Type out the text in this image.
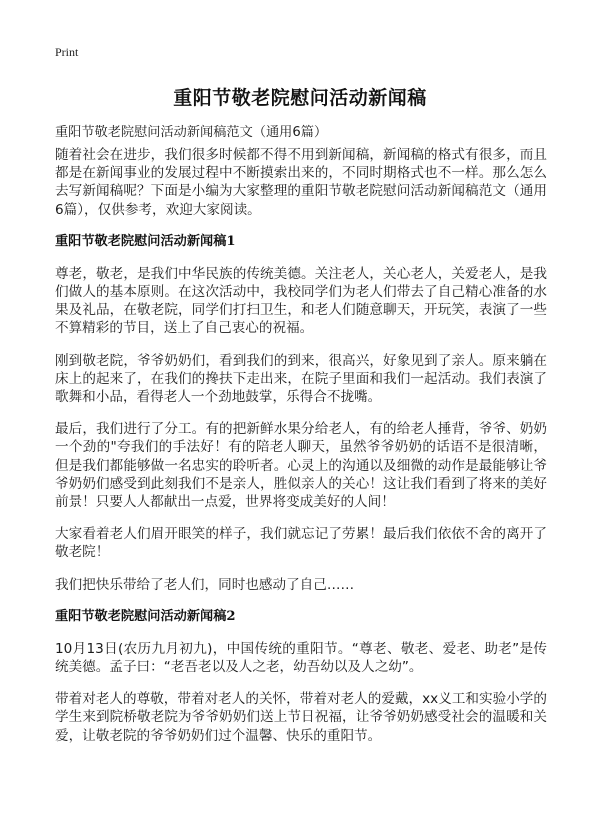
Print
重阳节敬老院慰问活动新闻稿

重阳节敬老院慰问活动新闻稿范文（通用6篇）

随着社会在进步，我们很多时候都不得不用到新闻稿，新闻稿的格式有很多，而且都是在新闻事业的发展过程中不断摸索出来的，不同时期格式也不一样。那么怎么去写新闻稿呢？下面是小编为大家整理的重阳节敬老院慰问活动新闻稿范文（通用6篇），仅供参考，欢迎大家阅读。

重阳节敬老院慰问活动新闻稿1

尊老，敬老，是我们中华民族的传统美德。关注老人，关心老人，关爱老人，是我们做人的基本原则。在这次活动中，我校同学们为老人们带去了自己精心准备的水果及礼品，在敬老院，同学们打扫卫生，和老人们随意聊天，开玩笑，表演了一些不算精彩的节目，送上了自己衷心的祝福。

刚到敬老院，爷爷奶奶们，看到我们的到来，很高兴，好象见到了亲人。原来躺在床上的起来了，在我们的搀扶下走出来，在院子里面和我们一起活动。我们表演了歌舞和小品，看得老人一个劲地鼓掌，乐得合不拢嘴。

最后，我们进行了分工。有的把新鲜水果分给老人，有的给老人捶背，爷爷、奶奶一个劲的"夸我们的手法好！有的陪老人聊天，虽然爷爷奶奶的话语不是很清晰，但是我们都能够做一名忠实的聆听者。心灵上的沟通以及细微的动作是最能够让爷爷奶奶们感受到此刻我们不是亲人，胜似亲人的关心！这让我们看到了将来的美好前景！只要人人都献出一点爱，世界将变成美好的人间！

大家看着老人们眉开眼笑的样子，我们就忘记了劳累！最后我们依依不舍的离开了敬老院！

我们把快乐带给了老人们，同时也感动了自己……

重阳节敬老院慰问活动新闻稿2

10月13日(农历九月初九)，中国传统的重阳节。“尊老、敬老、爱老、助老”是传统美德。孟子曰：“老吾老以及人之老，幼吾幼以及人之幼”。

带着对老人的尊敬，带着对老人的关怀，带着对老人的爱戴，xx义工和实验小学的学生来到院桥敬老院为爷爷奶奶们送上节日祝福，让爷爷奶奶感受社会的温暖和关爱，让敬老院的爷爷奶奶们过个温馨、快乐的重阳节。
